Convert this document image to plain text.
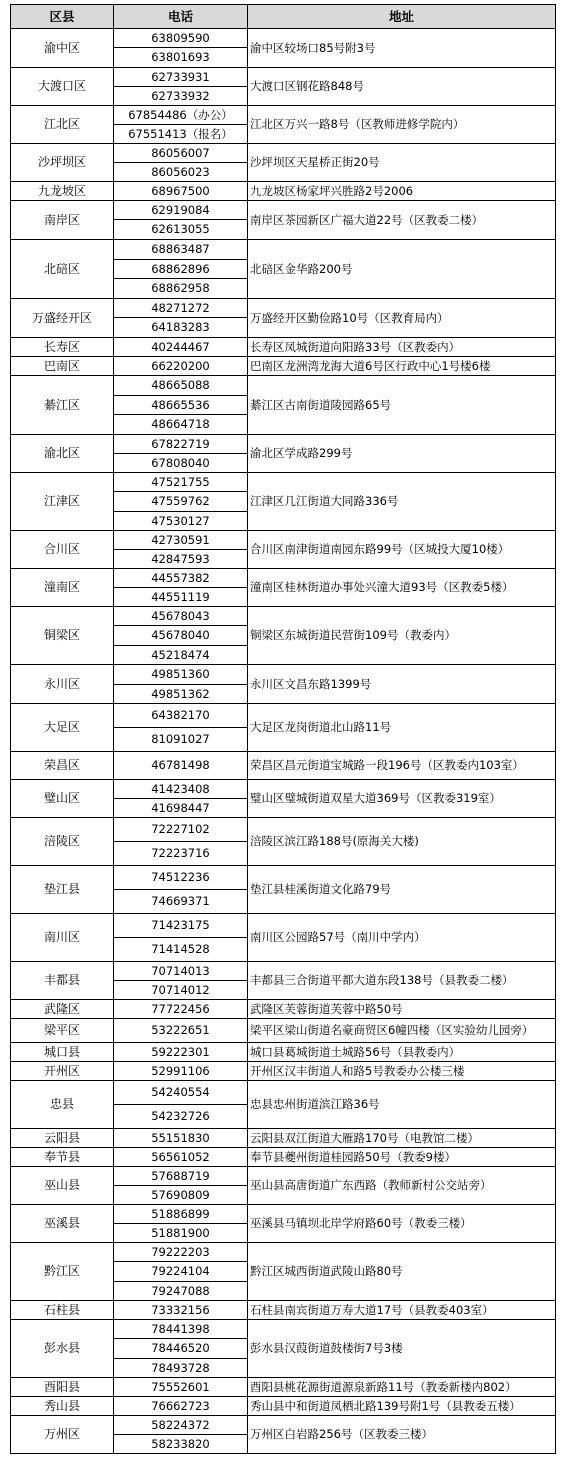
区县	电话	地址
渝中区	63809590	渝中区较场口85号附3号
	63801693	
大渡口区	62733931	大渡口区钢花路848号
	62733932	
江北区	67854486（办公）	江北区万兴一路8号（区教师进修学院内）
	67551413（报名）	
沙坪坝区	86056007	沙坪坝区天星桥正街20号
	86056023	
九龙坡区	68967500	九龙坡区杨家坪兴胜路2号2006
南岸区	62919084	南岸区茶园新区广福大道22号（区教委二楼）
	62613055	
北碚区	68863487	北碚区金华路200号
	68862896	
	68862958	
万盛经开区	48271272	万盛经开区勤俭路10号（区教育局内）
	64183283	
长寿区	40244467	长寿区凤城街道向阳路33号（区教委内）
巴南区	66220200	巴南区龙洲湾龙海大道6号区行政中心1号楼6楼
綦江区	48665088	綦江区古南街道陵园路65号
	48665536	
	48664718	
渝北区	67822719	渝北区学成路299号
	67808040	
江津区	47521755	江津区几江街道大同路336号
	47559762	
	47530127	
合川区	42730591	合川区南津街道南园东路99号（区城投大厦10楼）
	42847593	
潼南区	44557382	潼南区桂林街道办事处兴潼大道93号（区教委5楼）
	44551119	
铜梁区	45678043	铜梁区东城街道民营街109号（教委内）
	45678040	
	45218474	
永川区	49851360	永川区文昌东路1399号
	49851362	
大足区	64382170	大足区龙岗街道北山路11号
	81091027	
荣昌区	46781498	荣昌区昌元街道宝城路一段196号（区教委内103室）
璧山区	41423408	璧山区璧城街道双星大道369号（区教委319室）
	41698447	
涪陵区	72227102	涪陵区滨江路188号(原海关大楼)
	72223716	
垫江县	74512236	垫江县桂溪街道文化路79号
	74669371	
南川区	71423175	南川区公园路57号（南川中学内）
	71414528	
丰都县	70714013	丰都县三合街道平都大道东段138号（县教委二楼）
	70714012	
武隆区	77722456	武隆区芙蓉街道芙蓉中路50号
梁平区	53222651	梁平区梁山街道名豪商贸区6幢四楼（区实验幼儿园旁）
城口县	59222301	城口县葛城街道土城路56号（县教委内）
开州区	52991106	开州区汉丰街道人和路5号教委办公楼三楼
忠县	54240554	忠县忠州街道滨江路36号
	54232726	
云阳县	55151830	云阳县双江街道大雁路170号（电教馆二楼）
奉节县	56561052	奉节县夔州街道桂园路50号（教委9楼）
巫山县	57688719	巫山县高唐街道广东西路（教师新村公交站旁）
	57690809	
巫溪县	51886899	巫溪县马镇坝北岸学府路60号（教委三楼）
	51881900	
黔江区	79222203	黔江区城西街道武陵山路80号
	79224104	
	79247088	
石柱县	73332156	石柱县南宾街道万寿大道17号（县教委403室）
彭水县	78441398	彭水县汉葭街道鼓楼街7号3楼
	78446520	
	78493728	
酉阳县	75552601	酉阳县桃花源街道源泉新路11号（教委新楼内802）
秀山县	76662723	秀山县中和街道凤栖北路139号附1号（县教委五楼）
万州区	58224372	万州区白岩路256号（区教委三楼）
	58233820	
